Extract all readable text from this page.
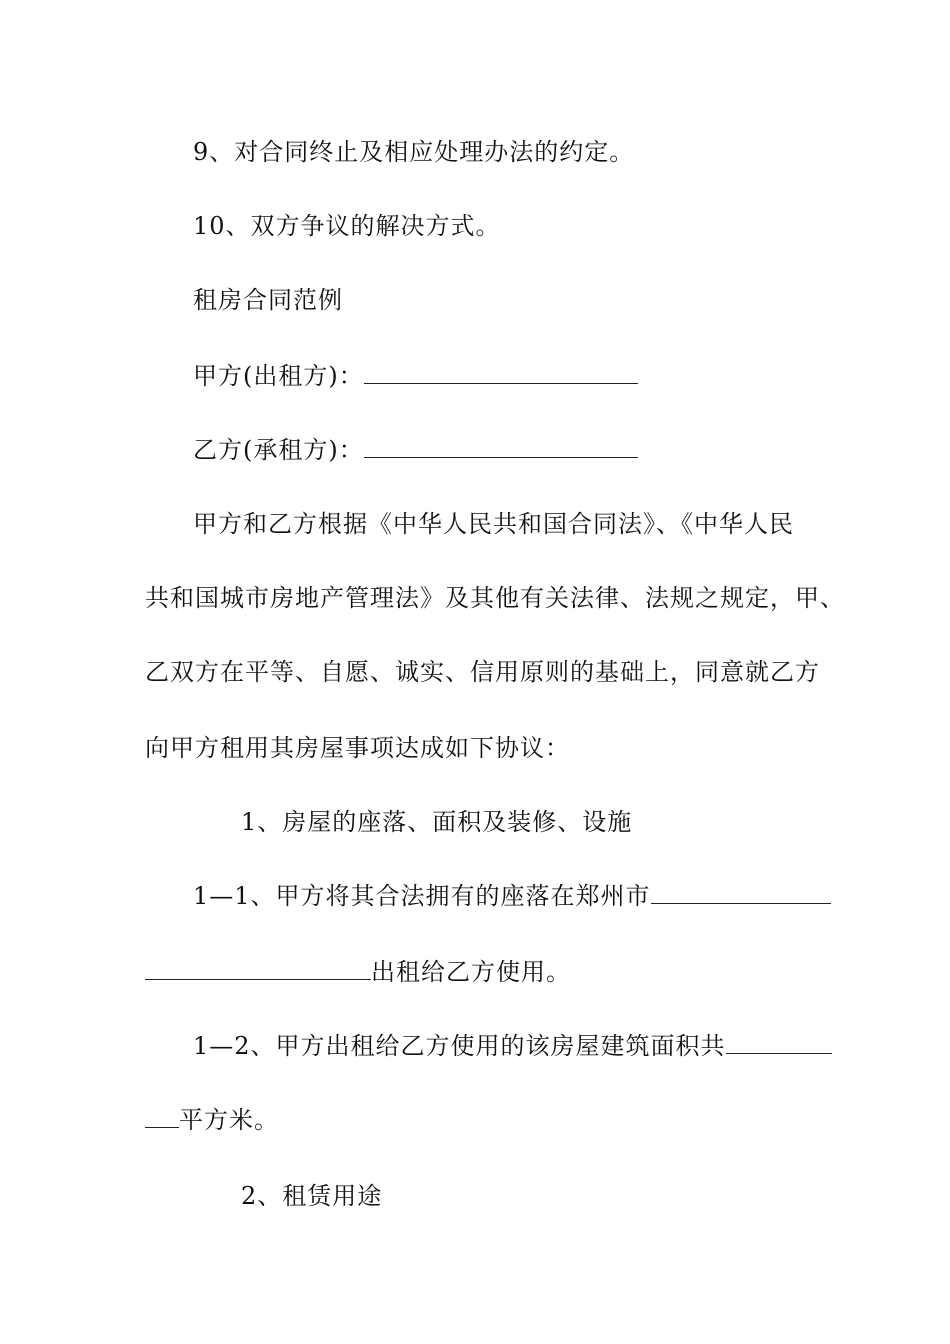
9、对合同终止及相应处理办法的约定。
10、双方争议的解决方式。
租房合同范例
甲方(出租方)：
乙方(承租方)：
甲方和乙方根据《中华人民共和国合同法》、《中华人民
共和国城市房地产管理法》及其他有关法律、法规之规定，甲、
乙双方在平等、自愿、诚实、信用原则的基础上，同意就乙方
向甲方租用其房屋事项达成如下协议：
1、房屋的座落、面积及装修、设施
1—1、甲方将其合法拥有的座落在郑州市
出租给乙方使用。
1—2、甲方出租给乙方使用的该房屋建筑面积共
平方米。
2、租赁用途
